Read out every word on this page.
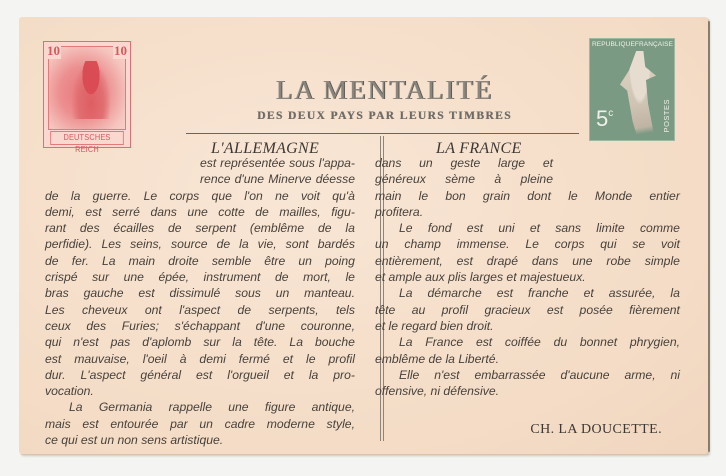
10	10
DEUTSCHES REICH
REPUBLIQUE FRANÇAISE
5$^c$	POSTES
LA MENTALITÉ
DES DEUX PAYS PAR LEURS TIMBRES
L'ALLEMAGNE	LA FRANCE
est représentée sous l'appa-
rence d'une Minerve déesse
de la guerre. Le corps que l'on ne voit qu'à
demi, est serré dans une cotte de mailles, figu-
rant des écailles de serpent (emblême de la
perfidie). Les seins, source de la vie, sont bardés
de fer. La main droite semble être un poing
crispé sur une épée, instrument de mort, le
bras gauche est dissimulé sous un manteau.
Les cheveux ont l'aspect de serpents, tels
ceux des Furies; s'échappant d'une couronne,
qui n'est pas d'aplomb sur la tête. La bouche
est mauvaise, l'oeil à demi fermé et le profil
dur. L'aspect général est l'orgueil et la pro-
vocation.
La Germania rappelle une figure antique,
mais est entourée par un cadre moderne style,
ce qui est un non sens artistique.
dans un geste large et
généreux sème à pleine
main le bon grain dont le Monde entier
profitera.
Le fond est uni et sans limite comme
un champ immense. Le corps qui se voit
entièrement, est drapé dans une robe simple
et ample aux plis larges et majestueux.
La démarche est franche et assurée, la
tête au profil gracieux est posée fièrement
et le regard bien droit.
La France est coiffée du bonnet phrygien,
emblême de la Liberté.
Elle n'est embarrassée d'aucune arme, ni
offensive, ni défensive.
CH. LA DOUCETTE.
